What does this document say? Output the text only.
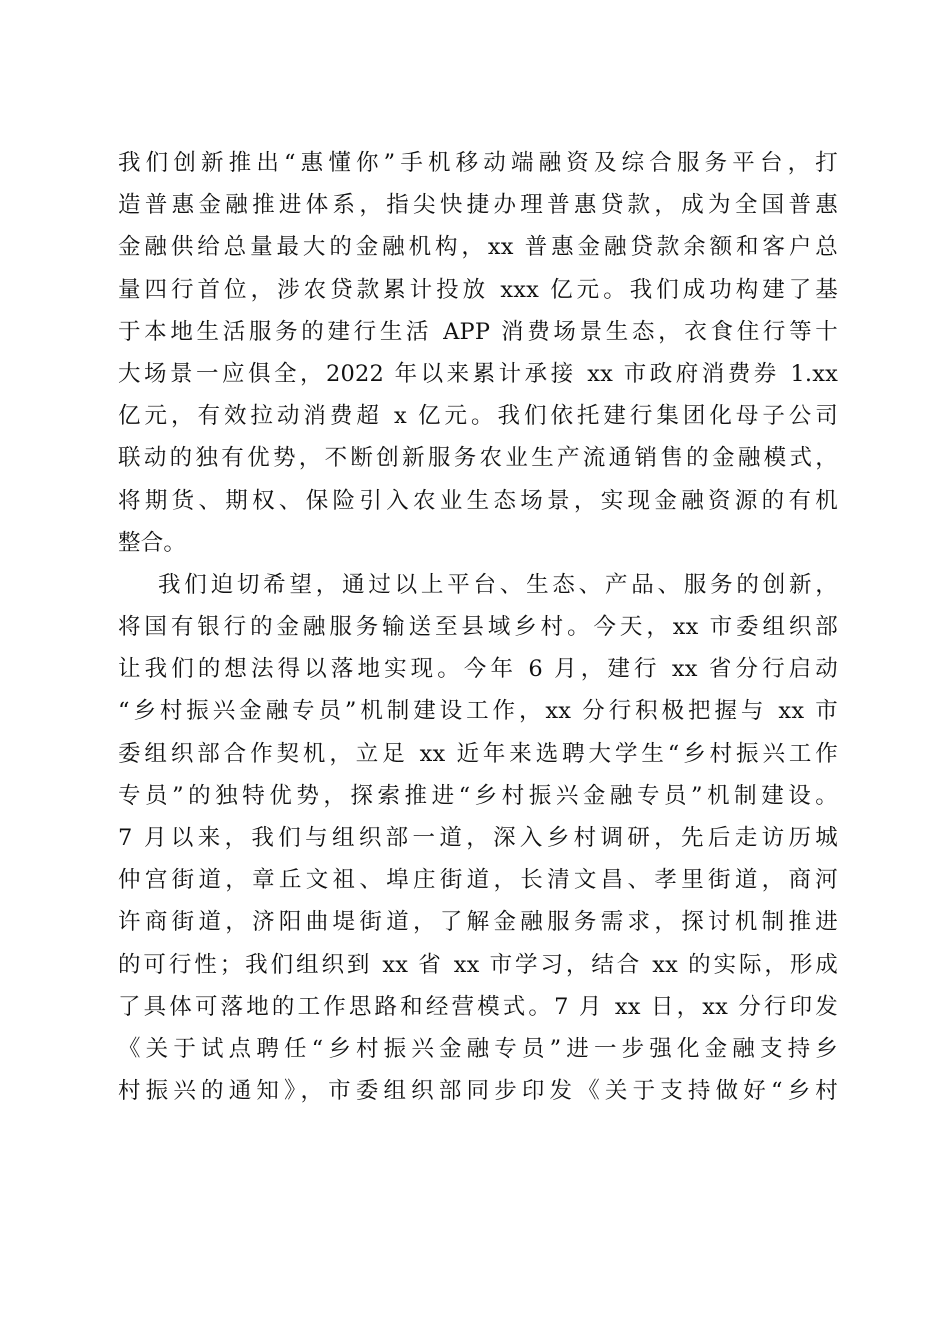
我们创新推出“惠懂你”手机移动端融资及综合服务平台，打
造普惠金融推进体系，指尖快捷办理普惠贷款，成为全国普惠
金融供给总量最大的金融机构，xx 普惠金融贷款余额和客户总
量四行首位，涉农贷款累计投放 xxx 亿元。我们成功构建了基
于本地生活服务的建行生活 APP 消费场景生态，衣食住行等十
大场景一应俱全，2022 年以来累计承接 xx 市政府消费券 1.xx
亿元，有效拉动消费超 x 亿元。我们依托建行集团化母子公司
联动的独有优势，不断创新服务农业生产流通销售的金融模式，
将期货、期权、保险引入农业生态场景，实现金融资源的有机
整合。
我们迫切希望，通过以上平台、生态、产品、服务的创新，
将国有银行的金融服务输送至县域乡村。今天，xx 市委组织部
让我们的想法得以落地实现。今年 6 月，建行 xx 省分行启动
“乡村振兴金融专员”机制建设工作，xx 分行积极把握与 xx 市
委组织部合作契机，立足 xx 近年来选聘大学生“乡村振兴工作
专员”的独特优势，探索推进“乡村振兴金融专员”机制建设。
7 月以来，我们与组织部一道，深入乡村调研，先后走访历城
仲宫街道，章丘文祖、埠庄街道，长清文昌、孝里街道，商河
许商街道，济阳曲堤街道，了解金融服务需求，探讨机制推进
的可行性；我们组织到 xx 省 xx 市学习，结合 xx 的实际，形成
了具体可落地的工作思路和经营模式。7 月 xx 日，xx 分行印发
《关于试点聘任“乡村振兴金融专员”进一步强化金融支持乡
村振兴的通知》，市委组织部同步印发《关于支持做好“乡村
